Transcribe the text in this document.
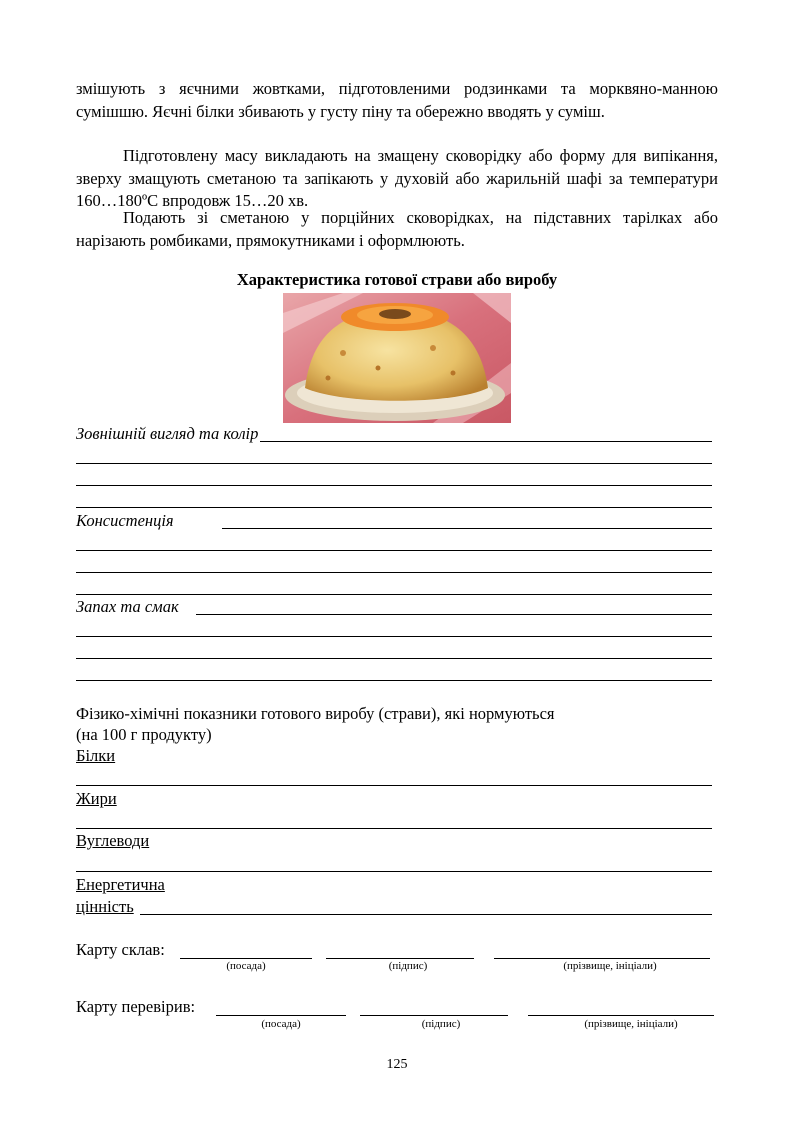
змішують з яєчними жовтками, підготовленими родзинками та морквяно-манною сумішшю. Яєчні білки збивають у густу піну та обережно вводять у суміш.

Підготовлену масу викладають на змащену сковорідку або форму для випікання, зверху змащують сметаною та запікають у духовій або жарильній шафі за температури 160…180ºС впродовж 15…20 хв.

Подають зі сметаною у порційних сковорідках, на підставних тарілках або нарізають ромбиками, прямокутниками і оформлюють.

Характеристика готової страви або виробу
Зовнішній вигляд та колір
Консистенція
Запах та смак
Фізико-хімічні показники готового виробу (страви), які нормуються
(на 100 г продукту)
Білки
Жири
Вуглеводи
Енергетична
цінність
Карту склав:
(посада)	(підпис)	(прізвище, ініціали)
Карту перевірив:
(посада)	(підпис)	(прізвище, ініціали)
125
